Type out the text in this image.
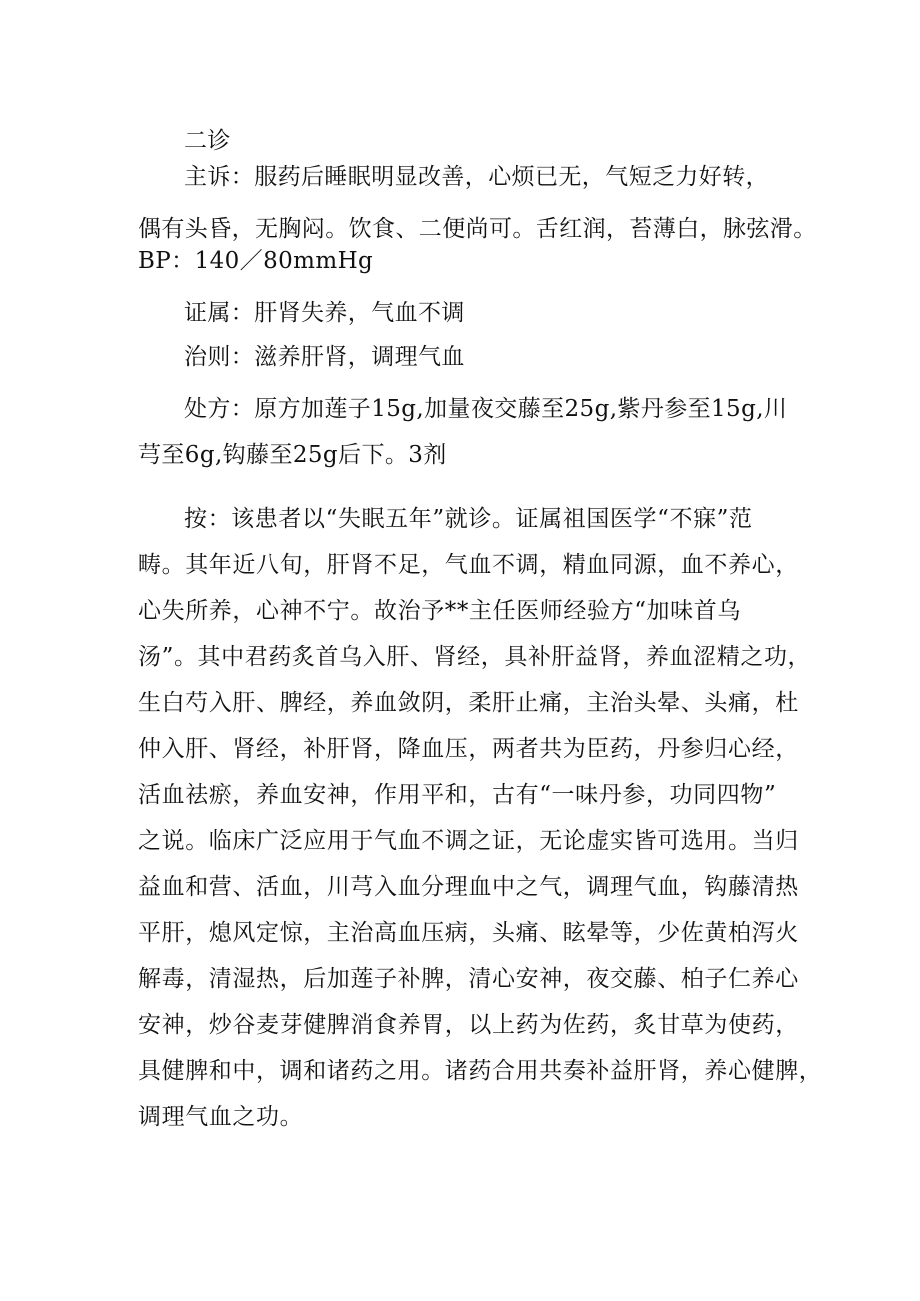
二诊
主诉：服药后睡眠明显改善，心烦已无，气短乏力好转，
偶有头昏，无胸闷。饮食、二便尚可。舌红润，苔薄白，脉弦滑。
BP：140／80mmHg
证属：肝肾失养，气血不调
治则：滋养肝肾，调理气血
处方：原方加莲子15g,加量夜交藤至25g,紫丹参至15g,川
芎至6g,钩藤至25g后下。3剂
按：该患者以“失眠五年”就诊。证属祖国医学“不寐”范
畴。其年近八旬，肝肾不足，气血不调，精血同源，血不养心，
心失所养，心神不宁。故治予**主任医师经验方“加味首乌
汤”。其中君药炙首乌入肝、肾经，具补肝益肾，养血涩精之功，
生白芍入肝、脾经，养血敛阴，柔肝止痛，主治头晕、头痛，杜
仲入肝、肾经，补肝肾，降血压，两者共为臣药，丹参归心经，
活血祛瘀，养血安神，作用平和，古有“一味丹参，功同四物”
之说。临床广泛应用于气血不调之证，无论虚实皆可选用。当归
益血和营、活血，川芎入血分理血中之气，调理气血，钩藤清热
平肝，熄风定惊，主治高血压病，头痛、眩晕等，少佐黄柏泻火
解毒，清湿热，后加莲子补脾，清心安神，夜交藤、柏子仁养心
安神，炒谷麦芽健脾消食养胃，以上药为佐药，炙甘草为使药，
具健脾和中，调和诸药之用。诸药合用共奏补益肝肾，养心健脾，
调理气血之功。
